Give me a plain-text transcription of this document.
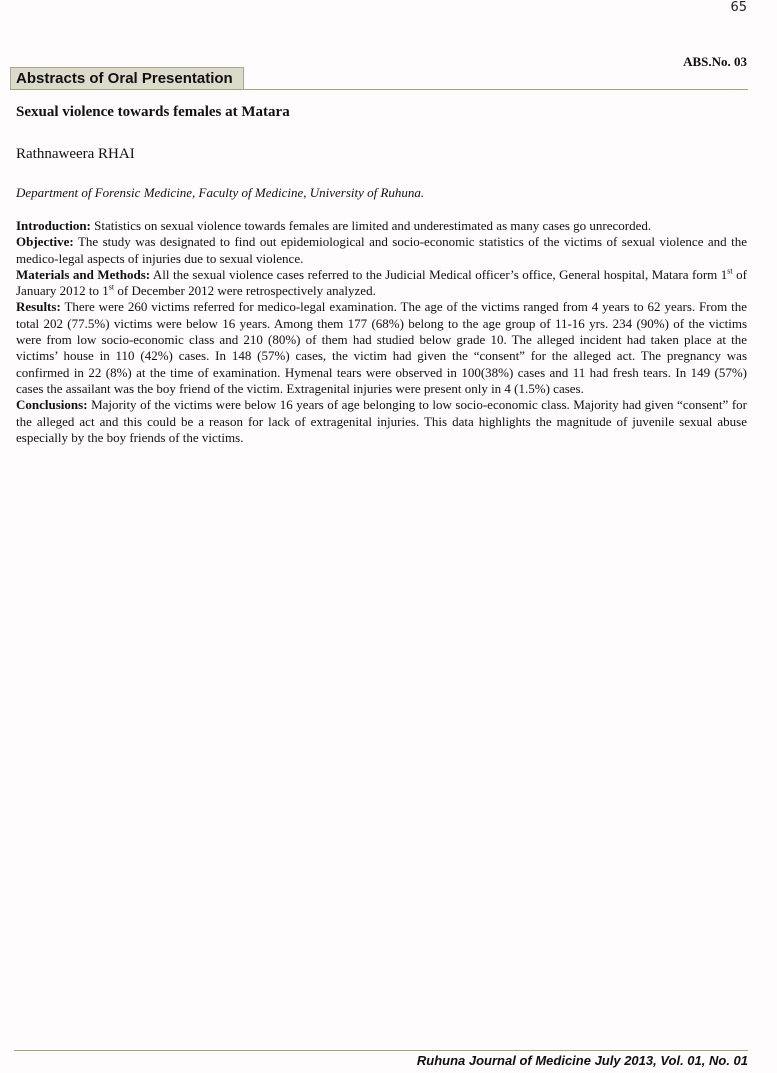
65
ABS.No. 03
Abstracts of Oral Presentation
Sexual violence towards females at Matara
Rathnaweera RHAI
Department of Forensic Medicine, Faculty of Medicine, University of Ruhuna.

Introduction: Statistics on sexual violence towards females are limited and underestimated as many cases go unrecorded.

Objective: The study was designated to find out epidemiological and socio-economic statistics of the victims of sexual violence and the medico-legal aspects of injuries due to sexual violence.

Materials and Methods: All the sexual violence cases referred to the Judicial Medical officer’s office, General hospital, Matara form 1st of January 2012 to 1st of December 2012 were retrospectively analyzed.

Results: There were 260 victims referred for medico-legal examination. The age of the victims ranged from 4 years to 62 years. From the total 202 (77.5%) victims were below 16 years. Among them 177 (68%) belong to the age group of 11-16 yrs. 234 (90%) of the victims were from low socio-economic class and 210 (80%) of them had studied below grade 10. The alleged incident had taken place at the victims’ house in 110 (42%) cases. In 148 (57%) cases, the victim had given the “consent” for the alleged act. The pregnancy was confirmed in 22 (8%) at the time of examination. Hymenal tears were observed in 100(38%) cases and 11 had fresh tears. In 149 (57%) cases the assailant was the boy friend of the victim. Extragenital injuries were present only in 4 (1.5%) cases.

Conclusions: Majority of the victims were below 16 years of age belonging to low socio-economic class. Majority had given “consent” for the alleged act and this could be a reason for lack of extragenital injuries. This data highlights the magnitude of juvenile sexual abuse especially by the boy friends of the victims.

Ruhuna Journal of Medicine July 2013, Vol. 01, No. 01
